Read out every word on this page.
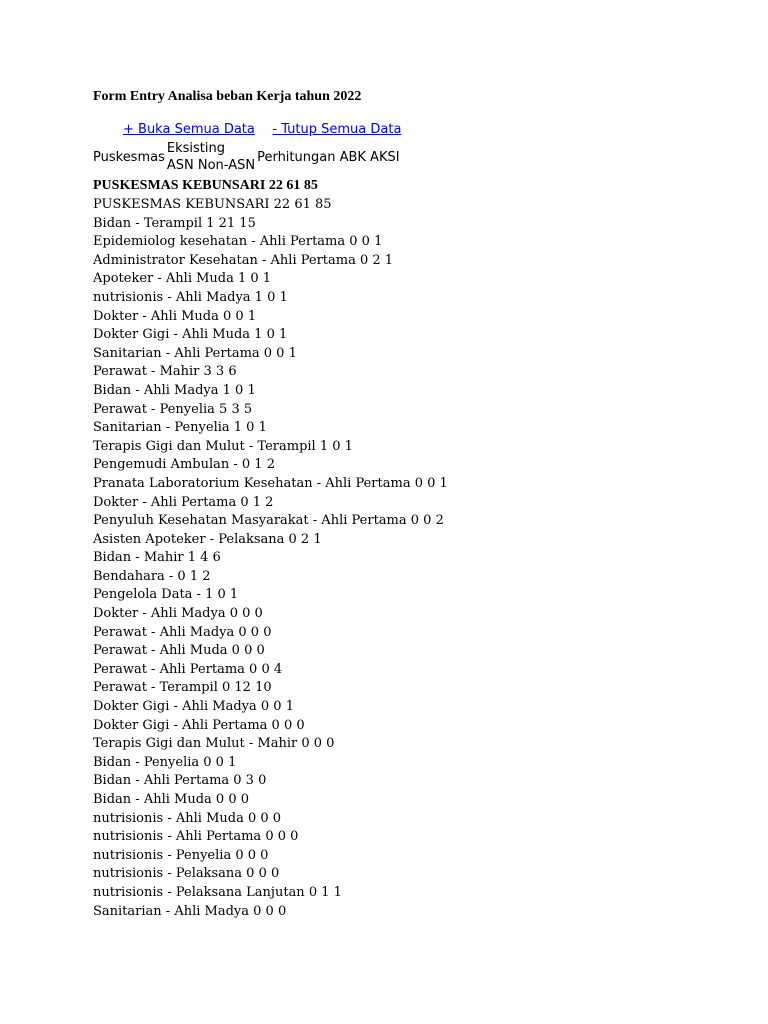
Form Entry Analisa beban Kerja tahun 2022
+ Buka Semua Data - Tutup Semua Data
Puskesmas
Eksisting
ASN Non-ASN
Perhitungan ABK AKSI
PUSKESMAS KEBUNSARI 22 61 85
PUSKESMAS KEBUNSARI 22 61 85
Bidan - Terampil 1 21 15
Epidemiolog kesehatan - Ahli Pertama 0 0 1
Administrator Kesehatan - Ahli Pertama 0 2 1
Apoteker - Ahli Muda 1 0 1
nutrisionis - Ahli Madya 1 0 1
Dokter - Ahli Muda 0 0 1
Dokter Gigi - Ahli Muda 1 0 1
Sanitarian - Ahli Pertama 0 0 1
Perawat - Mahir 3 3 6
Bidan - Ahli Madya 1 0 1
Perawat - Penyelia 5 3 5
Sanitarian - Penyelia 1 0 1
Terapis Gigi dan Mulut - Terampil 1 0 1
Pengemudi Ambulan - 0 1 2
Pranata Laboratorium Kesehatan - Ahli Pertama 0 0 1
Dokter - Ahli Pertama 0 1 2
Penyuluh Kesehatan Masyarakat - Ahli Pertama 0 0 2
Asisten Apoteker - Pelaksana 0 2 1
Bidan - Mahir 1 4 6
Bendahara - 0 1 2
Pengelola Data - 1 0 1
Dokter - Ahli Madya 0 0 0
Perawat - Ahli Madya 0 0 0
Perawat - Ahli Muda 0 0 0
Perawat - Ahli Pertama 0 0 4
Perawat - Terampil 0 12 10
Dokter Gigi - Ahli Madya 0 0 1
Dokter Gigi - Ahli Pertama 0 0 0
Terapis Gigi dan Mulut - Mahir 0 0 0
Bidan - Penyelia 0 0 1
Bidan - Ahli Pertama 0 3 0
Bidan - Ahli Muda 0 0 0
nutrisionis - Ahli Muda 0 0 0
nutrisionis - Ahli Pertama 0 0 0
nutrisionis - Penyelia 0 0 0
nutrisionis - Pelaksana 0 0 0
nutrisionis - Pelaksana Lanjutan 0 1 1
Sanitarian - Ahli Madya 0 0 0
